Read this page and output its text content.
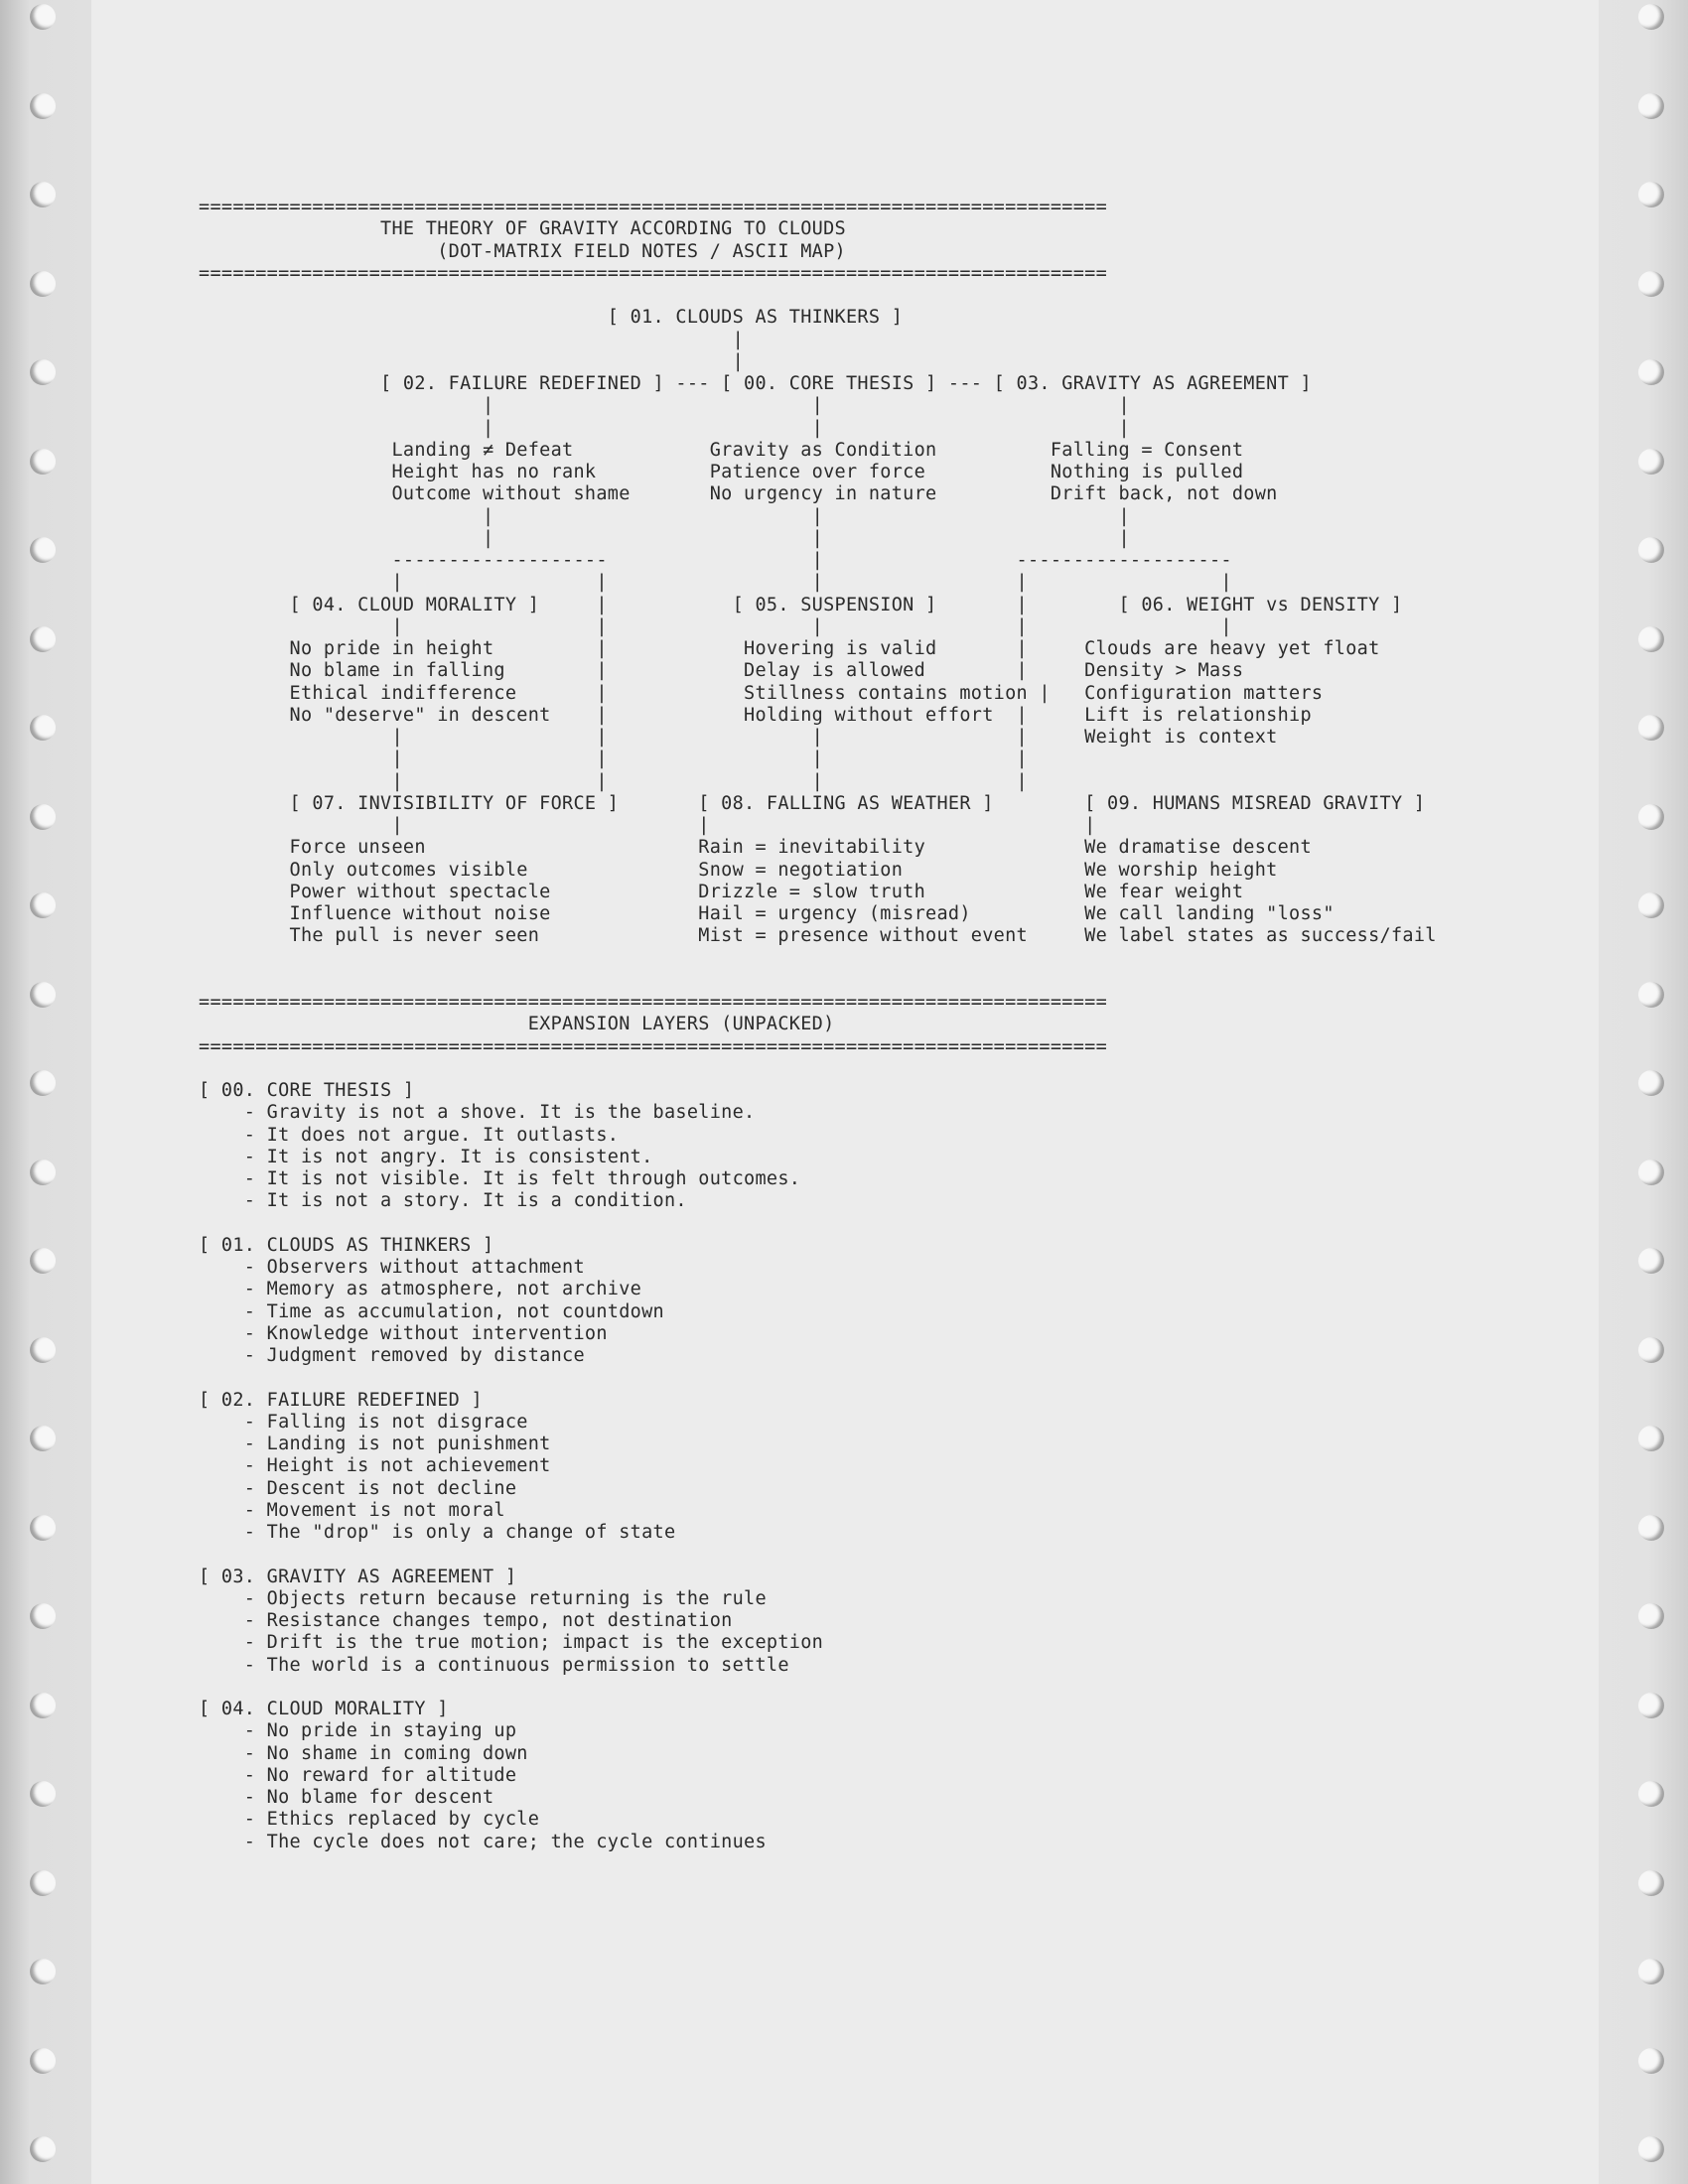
================================================================================
THE THEORY OF GRAVITY ACCORDING TO CLOUDS
(DOT-MATRIX FIELD NOTES / ASCII MAP)
================================================================================

[ 01. CLOUDS AS THINKERS ]
|
|
[ 02. FAILURE REDEFINED ] --- [ 00. CORE THESIS ] --- [ 03. GRAVITY AS AGREEMENT ]
|                            |                          |
|                            |                          |
Landing ≠ Defeat            Gravity as Condition          Falling = Consent
Height has no rank          Patience over force           Nothing is pulled
Outcome without shame       No urgency in nature          Drift back, not down
|                            |                          |
|                            |                          |
-------------------                  |                 -------------------
|                 |                  |                 |                 |
[ 04. CLOUD MORALITY ]     |           [ 05. SUSPENSION ]       |        [ 06. WEIGHT vs DENSITY ]
|                 |                  |                 |                 |
No pride in height         |            Hovering is valid       |     Clouds are heavy yet float
No blame in falling        |            Delay is allowed        |     Density > Mass
Ethical indifference       |            Stillness contains motion |   Configuration matters
No "deserve" in descent    |            Holding without effort  |     Lift is relationship
|                 |                  |                 |     Weight is context
|                 |                  |                 |
|                 |                  |                 |
[ 07. INVISIBILITY OF FORCE ]       [ 08. FALLING AS WEATHER ]        [ 09. HUMANS MISREAD GRAVITY ]
|                          |                                 |
Force unseen                        Rain = inevitability              We dramatise descent
Only outcomes visible               Snow = negotiation                We worship height
Power without spectacle             Drizzle = slow truth              We fear weight
Influence without noise             Hail = urgency (misread)          We call landing "loss"
The pull is never seen              Mist = presence without event     We label states as success/fail

================================================================================
EXPANSION LAYERS (UNPACKED)
================================================================================

[ 00. CORE THESIS ]
- Gravity is not a shove. It is the baseline.
- It does not argue. It outlasts.
- It is not angry. It is consistent.
- It is not visible. It is felt through outcomes.
- It is not a story. It is a condition.

[ 01. CLOUDS AS THINKERS ]
- Observers without attachment
- Memory as atmosphere, not archive
- Time as accumulation, not countdown
- Knowledge without intervention
- Judgment removed by distance

[ 02. FAILURE REDEFINED ]
- Falling is not disgrace
- Landing is not punishment
- Height is not achievement
- Descent is not decline
- Movement is not moral
- The "drop" is only a change of state

[ 03. GRAVITY AS AGREEMENT ]
- Objects return because returning is the rule
- Resistance changes tempo, not destination
- Drift is the true motion; impact is the exception
- The world is a continuous permission to settle

[ 04. CLOUD MORALITY ]
- No pride in staying up
- No shame in coming down
- No reward for altitude
- No blame for descent
- Ethics replaced by cycle
- The cycle does not care; the cycle continues
